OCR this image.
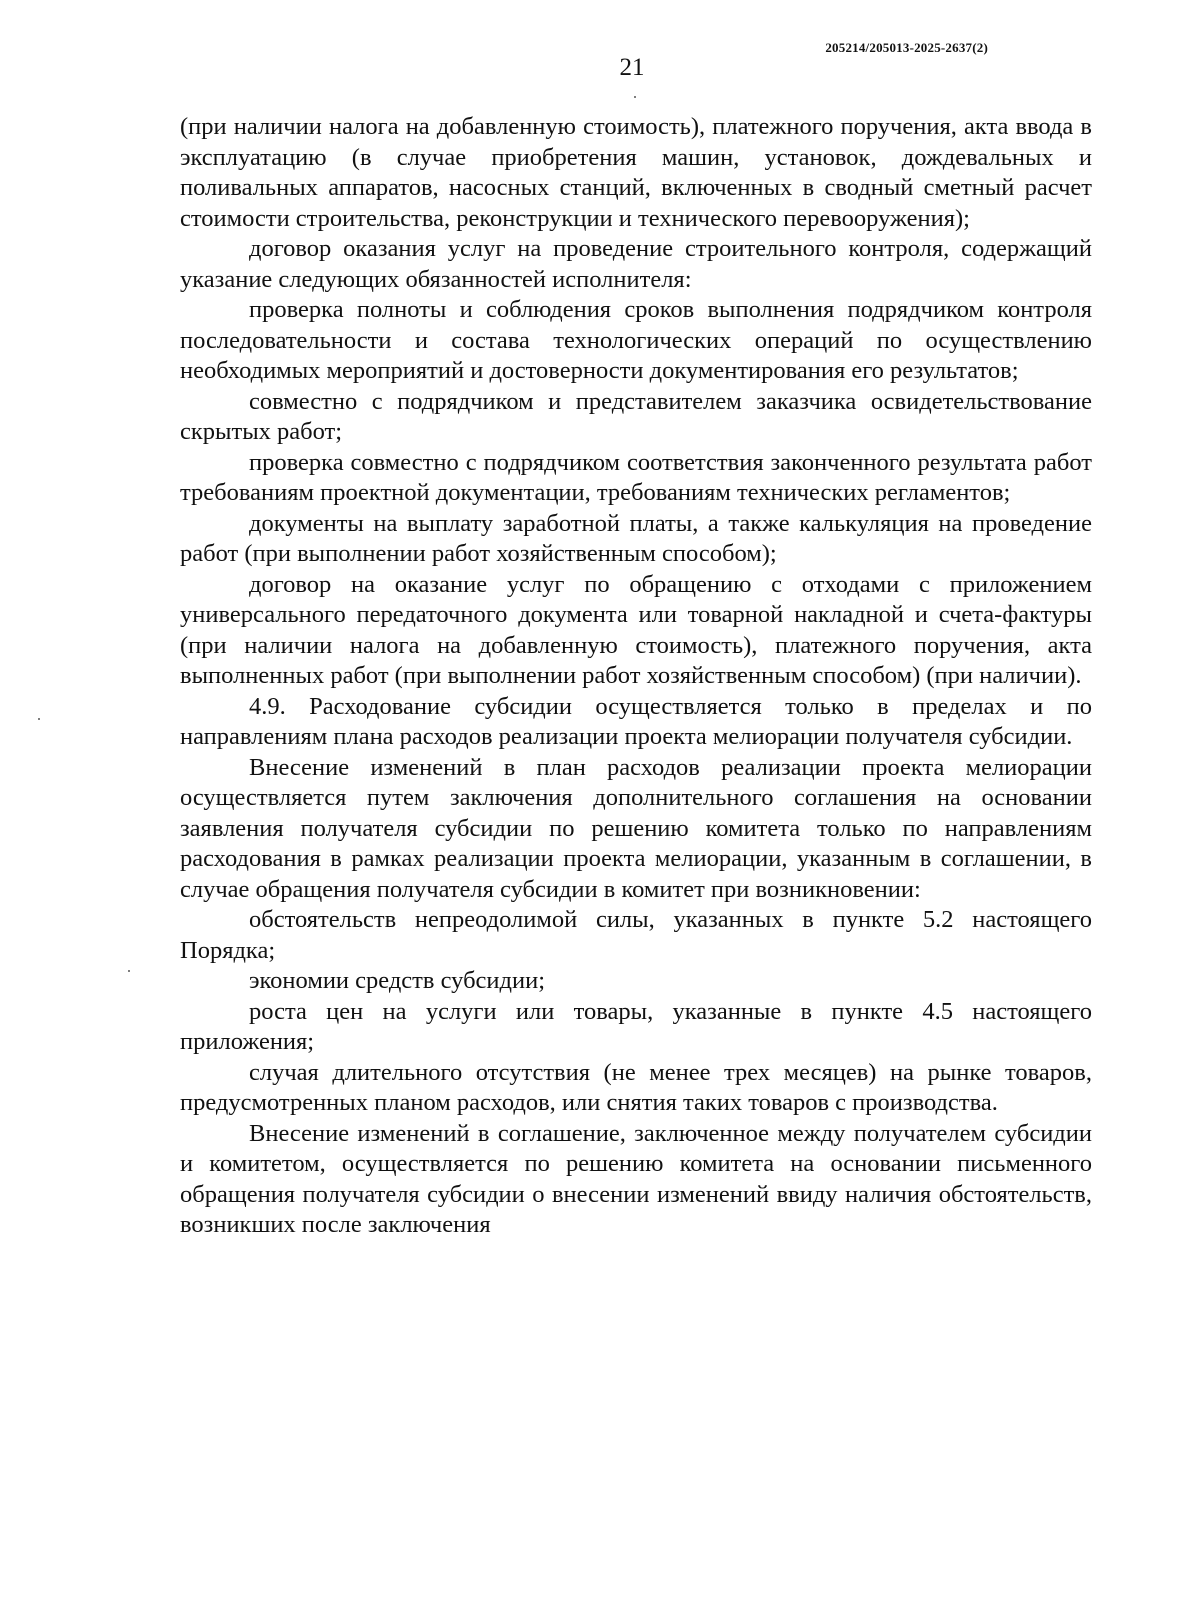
205214/205013-2025-2637(2)
21

(при наличии налога на добавленную стоимость), платежного поручения, акта ввода в эксплуатацию (в случае приобретения машин, установок, дождевальных и поливальных аппаратов, насосных станций, включенных в сводный сметный расчет стоимости строительства, реконструкции и технического перевооружения);

договор оказания услуг на проведение строительного контроля, содержащий указание следующих обязанностей исполнителя:

проверка полноты и соблюдения сроков выполнения подрядчиком контроля последовательности и состава технологических операций по осуществлению необходимых мероприятий и достоверности документирования его результатов;

совместно с подрядчиком и представителем заказчика освидетельствование скрытых работ;

проверка совместно с подрядчиком соответствия законченного результата работ требованиям проектной документации, требованиям технических регламентов;

документы на выплату заработной платы, а также калькуляция на проведение работ (при выполнении работ хозяйственным способом);

договор на оказание услуг по обращению с отходами с приложением универсального передаточного документа или товарной накладной и счета-фактуры (при наличии налога на добавленную стоимость), платежного поручения, акта выполненных работ (при выполнении работ хозяйственным способом) (при наличии).

4.9. Расходование субсидии осуществляется только в пределах и по направлениям плана расходов реализации проекта мелиорации получателя субсидии.

Внесение изменений в план расходов реализации проекта мелиорации осуществляется путем заключения дополнительного соглашения на основании заявления получателя субсидии по решению комитета только по направлениям расходования в рамках реализации проекта мелиорации, указанным в соглашении, в случае обращения получателя субсидии в комитет при возникновении:

обстоятельств непреодолимой силы, указанных в пункте 5.2 настоящего Порядка;

экономии средств субсидии;

роста цен на услуги или товары, указанные в пункте 4.5 настоящего приложения;

случая длительного отсутствия (не менее трех месяцев) на рынке товаров, предусмотренных планом расходов, или снятия таких товаров с производства.

Внесение изменений в соглашение, заключенное между получателем субсидии и комитетом, осуществляется по решению комитета на основании письменного обращения получателя субсидии о внесении изменений ввиду наличия обстоятельств, возникших после заключения
